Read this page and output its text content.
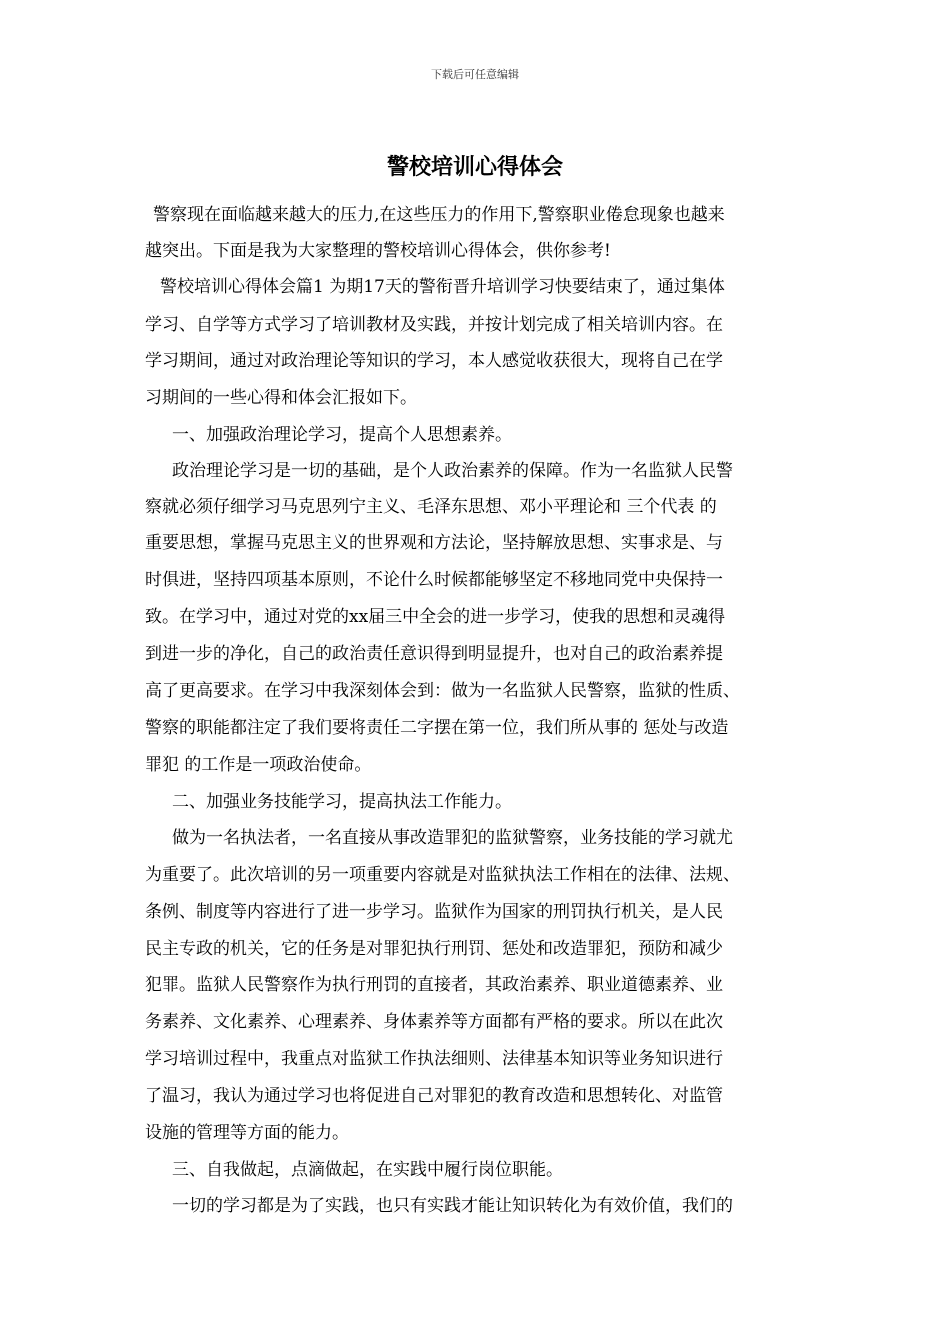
下载后可任意编辑
警校培训心得体会
警察现在面临越来越大的压力,在这些压力的作用下,警察职业倦怠现象也越来
越突出。下面是我为大家整理的警校培训心得体会，供你参考!
警校培训心得体会篇1 为期17天的警衔晋升培训学习快要结束了，通过集体
学习、自学等方式学习了培训教材及实践，并按计划完成了相关培训内容。在
学习期间，通过对政治理论等知识的学习，本人感觉收获很大，现将自己在学
习期间的一些心得和体会汇报如下。
一、加强政治理论学习，提高个人思想素养。
政治理论学习是一切的基础，是个人政治素养的保障。作为一名监狱人民警
察就必须仔细学习马克思列宁主义、毛泽东思想、邓小平理论和 三个代表 的
重要思想，掌握马克思主义的世界观和方法论，坚持解放思想、实事求是、与
时俱进，坚持四项基本原则，不论什么时候都能够坚定不移地同党中央保持一
致。在学习中，通过对党的xx届三中全会的进一步学习，使我的思想和灵魂得
到进一步的净化，自己的政治责任意识得到明显提升，也对自己的政治素养提
高了更高要求。在学习中我深刻体会到：做为一名监狱人民警察，监狱的性质、
警察的职能都注定了我们要将责任二字摆在第一位，我们所从事的 惩处与改造
罪犯 的工作是一项政治使命。
二、加强业务技能学习，提高执法工作能力。
做为一名执法者，一名直接从事改造罪犯的监狱警察，业务技能的学习就尤
为重要了。此次培训的另一项重要内容就是对监狱执法工作相在的法律、法规、
条例、制度等内容进行了进一步学习。监狱作为国家的刑罚执行机关，是人民
民主专政的机关，它的任务是对罪犯执行刑罚、惩处和改造罪犯，预防和减少
犯罪。监狱人民警察作为执行刑罚的直接者，其政治素养、职业道德素养、业
务素养、文化素养、心理素养、身体素养等方面都有严格的要求。所以在此次
学习培训过程中，我重点对监狱工作执法细则、法律基本知识等业务知识进行
了温习，我认为通过学习也将促进自己对罪犯的教育改造和思想转化、对监管
设施的管理等方面的能力。
三、自我做起，点滴做起，在实践中履行岗位职能。
一切的学习都是为了实践，也只有实践才能让知识转化为有效价值，我们的
